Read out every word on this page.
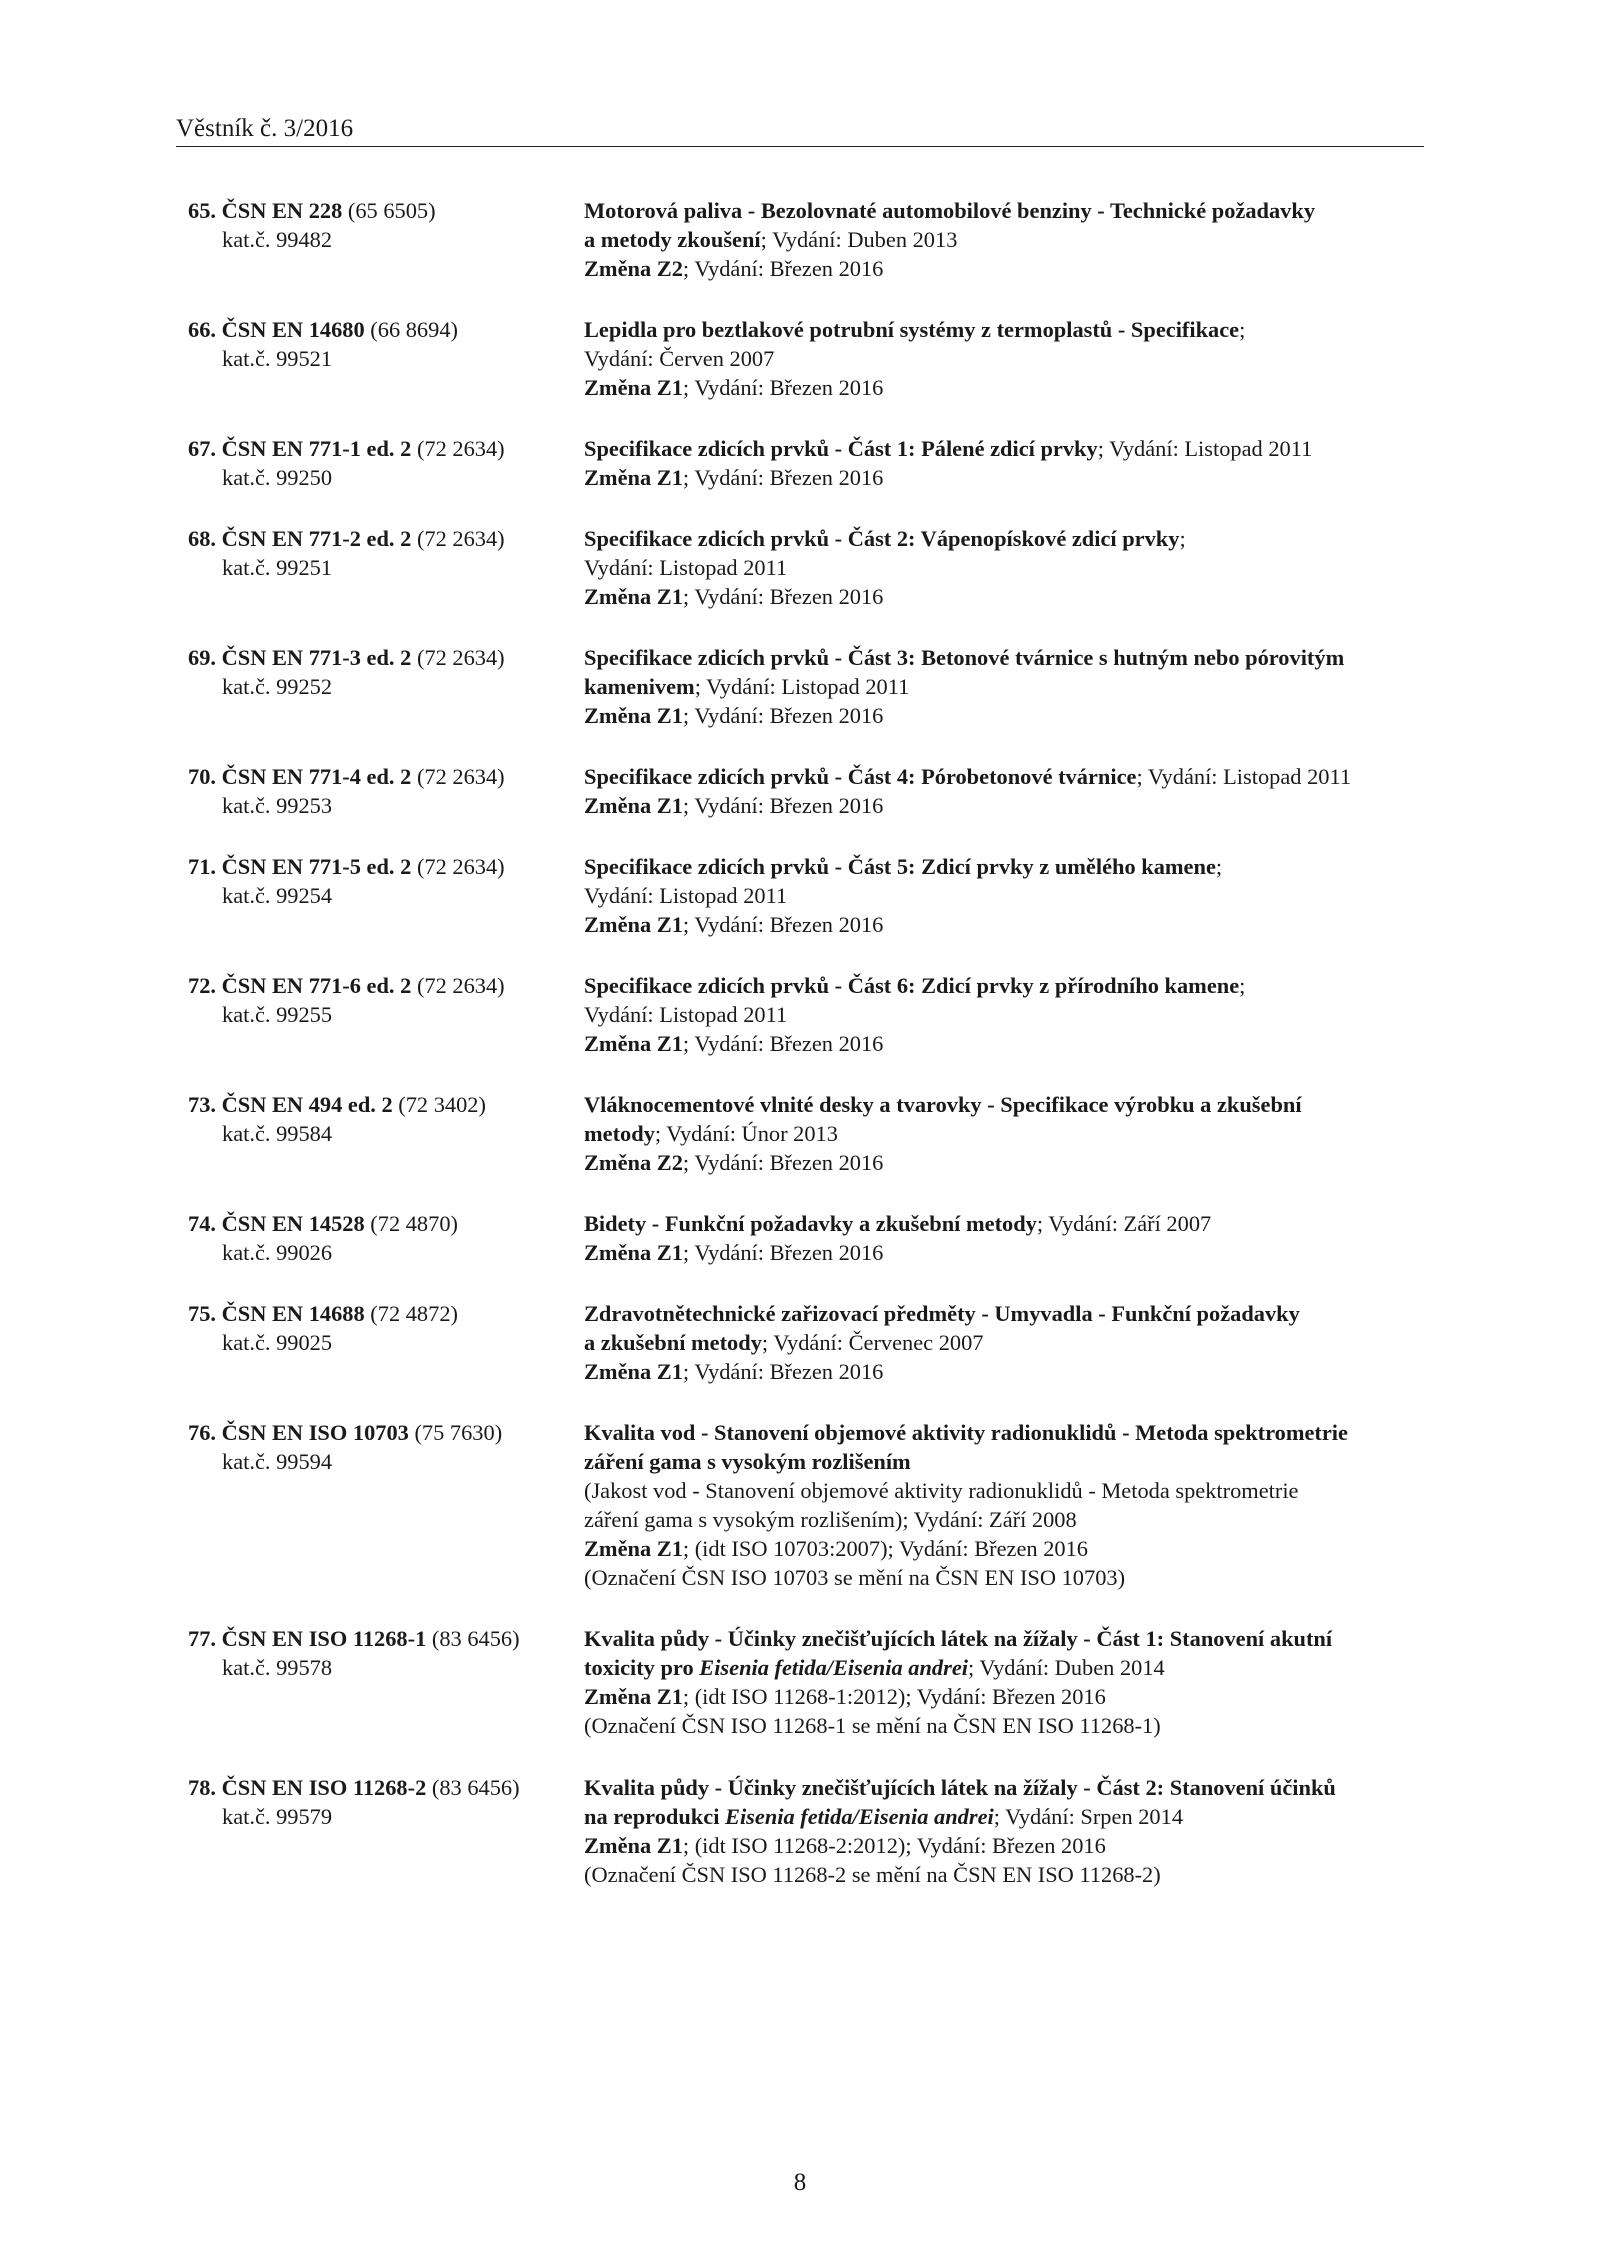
Věstník č. 3/2016
65. ČSN EN 228 (65 6505)
kat.č. 99482
Motorová paliva - Bezolovnaté automobilové benziny - Technické požadavky
a metody zkoušení; Vydání: Duben 2013
Změna Z2; Vydání: Březen 2016
66. ČSN EN 14680 (66 8694)
kat.č. 99521
Lepidla pro beztlakové potrubní systémy z termoplastů - Specifikace;
Vydání: Červen 2007
Změna Z1; Vydání: Březen 2016
67. ČSN EN 771-1 ed. 2 (72 2634)
kat.č. 99250
Specifikace zdicích prvků - Část 1: Pálené zdicí prvky; Vydání: Listopad 2011
Změna Z1; Vydání: Březen 2016
68. ČSN EN 771-2 ed. 2 (72 2634)
kat.č. 99251
Specifikace zdicích prvků - Část 2: Vápenopískové zdicí prvky;
Vydání: Listopad 2011
Změna Z1; Vydání: Březen 2016
69. ČSN EN 771-3 ed. 2 (72 2634)
kat.č. 99252
Specifikace zdicích prvků - Část 3: Betonové tvárnice s hutným nebo pórovitým
kamenivem; Vydání: Listopad 2011
Změna Z1; Vydání: Březen 2016
70. ČSN EN 771-4 ed. 2 (72 2634)
kat.č. 99253
Specifikace zdicích prvků - Část 4: Pórobetonové tvárnice; Vydání: Listopad 2011
Změna Z1; Vydání: Březen 2016
71. ČSN EN 771-5 ed. 2 (72 2634)
kat.č. 99254
Specifikace zdicích prvků - Část 5: Zdicí prvky z umělého kamene;
Vydání: Listopad 2011
Změna Z1; Vydání: Březen 2016
72. ČSN EN 771-6 ed. 2 (72 2634)
kat.č. 99255
Specifikace zdicích prvků - Část 6: Zdicí prvky z přírodního kamene;
Vydání: Listopad 2011
Změna Z1; Vydání: Březen 2016
73. ČSN EN 494 ed. 2 (72 3402)
kat.č. 99584
Vláknocementové vlnité desky a tvarovky - Specifikace výrobku a zkušební
metody; Vydání: Únor 2013
Změna Z2; Vydání: Březen 2016
74. ČSN EN 14528 (72 4870)
kat.č. 99026
Bidety - Funkční požadavky a zkušební metody; Vydání: Září 2007
Změna Z1; Vydání: Březen 2016
75. ČSN EN 14688 (72 4872)
kat.č. 99025
Zdravotnětechnické zařizovací předměty - Umyvadla - Funkční požadavky
a zkušební metody; Vydání: Červenec 2007
Změna Z1; Vydání: Březen 2016
76. ČSN EN ISO 10703 (75 7630)
kat.č. 99594
Kvalita vod - Stanovení objemové aktivity radionuklidů - Metoda spektrometrie
záření gama s vysokým rozlišením
(Jakost vod - Stanovení objemové aktivity radionuklidů - Metoda spektrometrie
záření gama s vysokým rozlišením); Vydání: Září 2008
Změna Z1; (idt ISO 10703:2007); Vydání: Březen 2016
(Označení ČSN ISO 10703 se mění na ČSN EN ISO 10703)
77. ČSN EN ISO 11268-1 (83 6456)
kat.č. 99578
Kvalita půdy - Účinky znečišťujících látek na žížaly - Část 1: Stanovení akutní
toxicity pro Eisenia fetida/Eisenia andrei; Vydání: Duben 2014
Změna Z1; (idt ISO 11268-1:2012); Vydání: Březen 2016
(Označení ČSN ISO 11268-1 se mění na ČSN EN ISO 11268-1)
78. ČSN EN ISO 11268-2 (83 6456)
kat.č. 99579
Kvalita půdy - Účinky znečišťujících látek na žížaly - Část 2: Stanovení účinků
na reprodukci Eisenia fetida/Eisenia andrei; Vydání: Srpen 2014
Změna Z1; (idt ISO 11268-2:2012); Vydání: Březen 2016
(Označení ČSN ISO 11268-2 se mění na ČSN EN ISO 11268-2)
8
